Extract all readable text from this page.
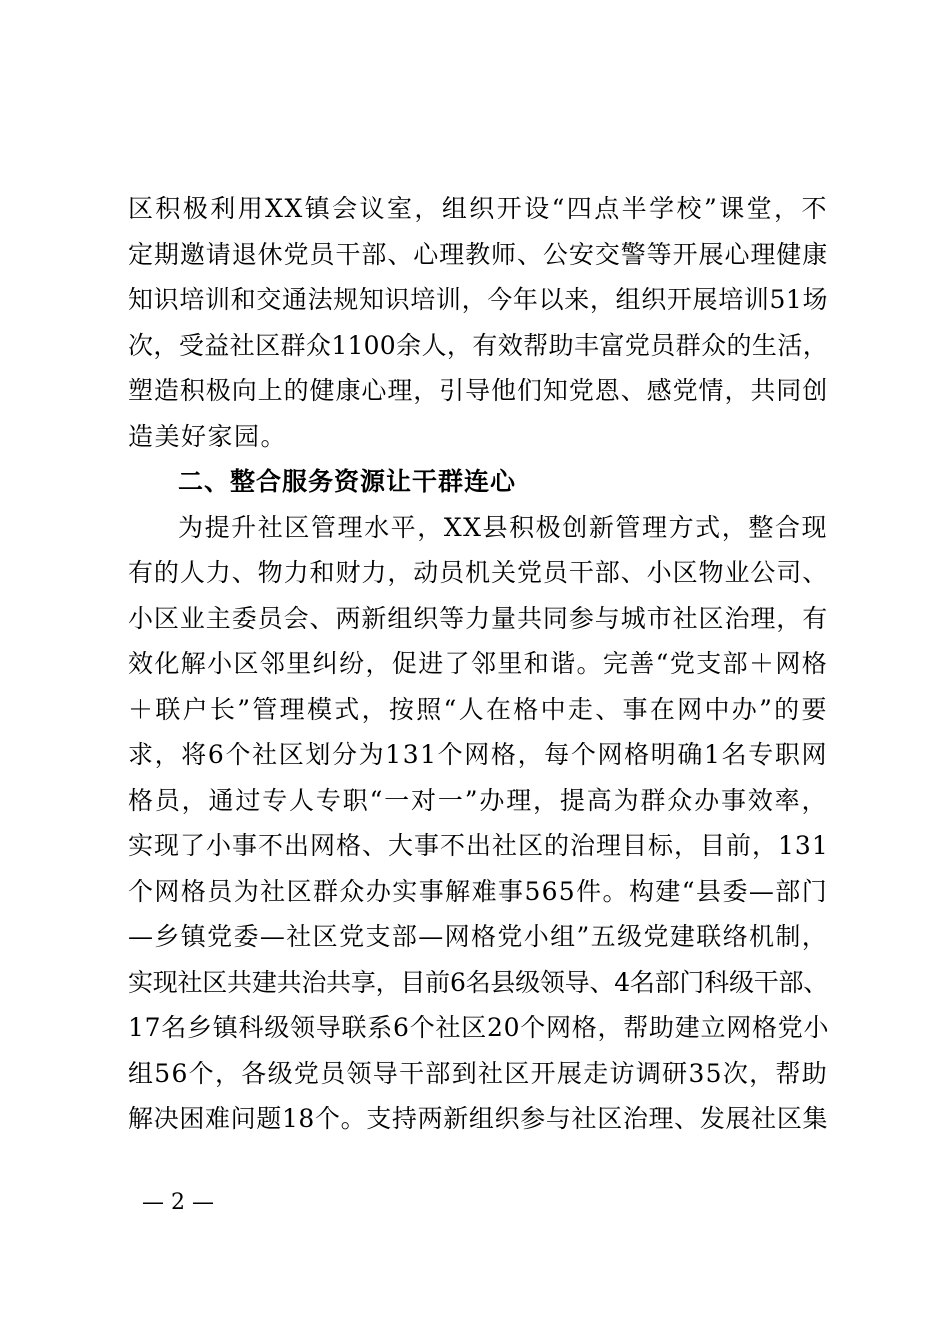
区积极利用XX镇会议室，组织开设“四点半学校”课堂，不
定期邀请退休党员干部、心理教师、公安交警等开展心理健康
知识培训和交通法规知识培训，今年以来，组织开展培训51场
次，受益社区群众1100余人，有效帮助丰富党员群众的生活，
塑造积极向上的健康心理，引导他们知党恩、感党情，共同创
造美好家园。
二、整合服务资源让干群连心
为提升社区管理水平，XX县积极创新管理方式，整合现
有的人力、物力和财力，动员机关党员干部、小区物业公司、
小区业主委员会、两新组织等力量共同参与城市社区治理，有
效化解小区邻里纠纷，促进了邻里和谐。完善“党支部＋网格
＋联户长”管理模式，按照“人在格中走、事在网中办”的要
求，将6个社区划分为131个网格，每个网格明确1名专职网
格员，通过专人专职“一对一”办理，提高为群众办事效率，
实现了小事不出网格、大事不出社区的治理目标，目前，131
个网格员为社区群众办实事解难事565件。构建“县委—部门
—乡镇党委—社区党支部—网格党小组”五级党建联络机制，
实现社区共建共治共享，目前6名县级领导、4名部门科级干部、
17名乡镇科级领导联系6个社区20个网格，帮助建立网格党小
组56个，各级党员领导干部到社区开展走访调研35次，帮助
解决困难问题18个。支持两新组织参与社区治理、发展社区集
— 2 —
